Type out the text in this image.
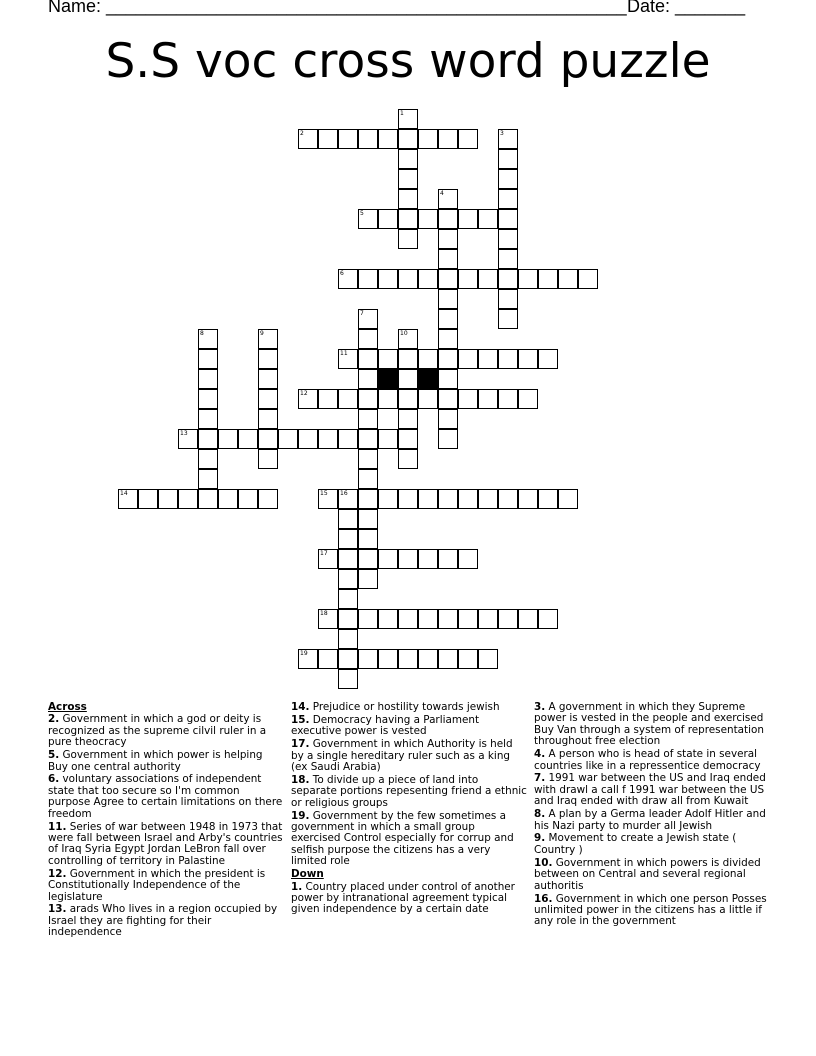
Name: ____________________________________________________ Date: _______
S.S voc cross word puzzle
1
2	3
4
5
6
7
8	9	10
11
12
13
14	15 16
17
18
19
Across
2. Government in which a god or deity is recognized as the supreme cilvil ruler in a pure theocracy
5. Government in which power is helping Buy one central authority
6. voluntary associations of independent state that too secure so I'm common purpose Agree to certain limitations on there freedom
11. Series of war between 1948 in 1973 that were fall between Israel and Arby's countries of Iraq Syria Egypt Jordan LeBron fall over controlling of territory in Palastine
12. Government in which the president is Constitutionally Independence of the legislature
13. arads Who lives in a region occupied by Israel they are fighting for their independence
14. Prejudice or hostility towards jewish
15. Democracy having a Parliament executive power is vested
17. Government in which Authority is held by a single hereditary ruler such as a king (ex Saudi Arabia)
18. To divide up a piece of land into separate portions repesenting friend a ethnic or religious groups
19. Government by the few sometimes a government in which a small group exercised Control especially for corrup and selfish purpose the citizens has a very limited role
Down
1. Country placed under control of another power by intranational agreement typical given independence by a certain date
3. A government in which they Supreme power is vested in the people and exercised Buy Van through a system of representation throughout free election
4. A person who is head of state in several countries like in a repressentice democracy
7. 1991 war between the US and Iraq ended with drawl a call f 1991 war between the US and Iraq ended with draw all from Kuwait
8. A plan by a Germa leader Adolf Hitler and his Nazi party to murder all Jewish
9. Movement to create a Jewish state ( Country )
10. Government in which powers is divided between on Central and several regional authoritis
16. Government in which one person Posses unlimited power in the citizens has a little if any role in the government
